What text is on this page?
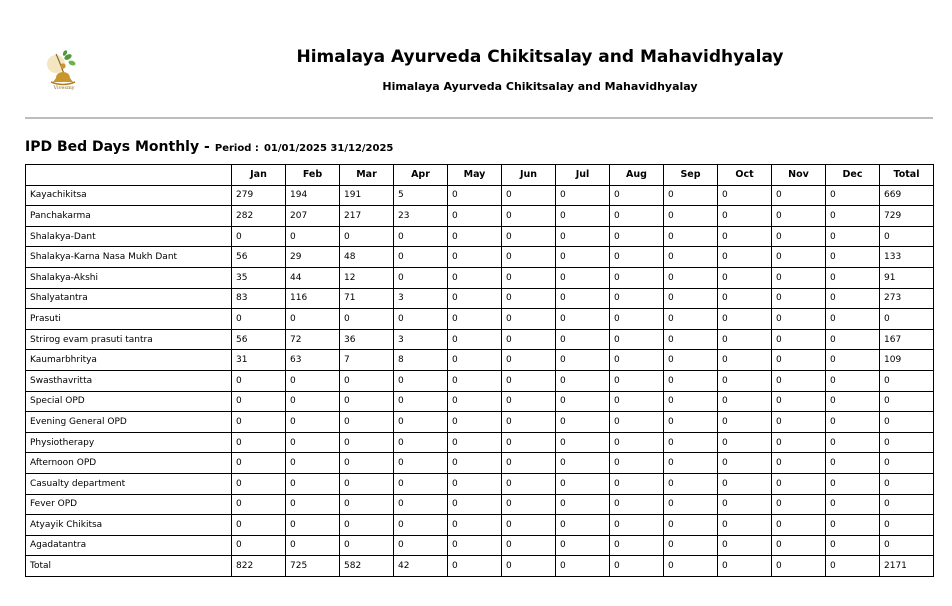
Vivesmy
Himalaya Ayurveda Chikitsalay and Mahavidhyalay
Himalaya Ayurveda Chikitsalay and Mahavidhyalay
IPD Bed Days Monthly - Period : 01/01/2025 31/12/2025
	Jan	Feb	Mar	Apr	May	Jun	Jul	Aug	Sep	Oct	Nov	Dec	Total
Kayachikitsa	279	194	191	5	0	0	0	0	0	0	0	0	669
Panchakarma	282	207	217	23	0	0	0	0	0	0	0	0	729
Shalakya-Dant	0	0	0	0	0	0	0	0	0	0	0	0	0
Shalakya-Karna Nasa Mukh Dant	56	29	48	0	0	0	0	0	0	0	0	0	133
Shalakya-Akshi	35	44	12	0	0	0	0	0	0	0	0	0	91
Shalyatantra	83	116	71	3	0	0	0	0	0	0	0	0	273
Prasuti	0	0	0	0	0	0	0	0	0	0	0	0	0
Strirog evam prasuti tantra	56	72	36	3	0	0	0	0	0	0	0	0	167
Kaumarbhritya	31	63	7	8	0	0	0	0	0	0	0	0	109
Swasthavritta	0	0	0	0	0	0	0	0	0	0	0	0	0
Special OPD	0	0	0	0	0	0	0	0	0	0	0	0	0
Evening General OPD	0	0	0	0	0	0	0	0	0	0	0	0	0
Physiotherapy	0	0	0	0	0	0	0	0	0	0	0	0	0
Afternoon OPD	0	0	0	0	0	0	0	0	0	0	0	0	0
Casualty department	0	0	0	0	0	0	0	0	0	0	0	0	0
Fever OPD	0	0	0	0	0	0	0	0	0	0	0	0	0
Atyayik Chikitsa	0	0	0	0	0	0	0	0	0	0	0	0	0
Agadatantra	0	0	0	0	0	0	0	0	0	0	0	0	0
Total	822	725	582	42	0	0	0	0	0	0	0	0	2171
